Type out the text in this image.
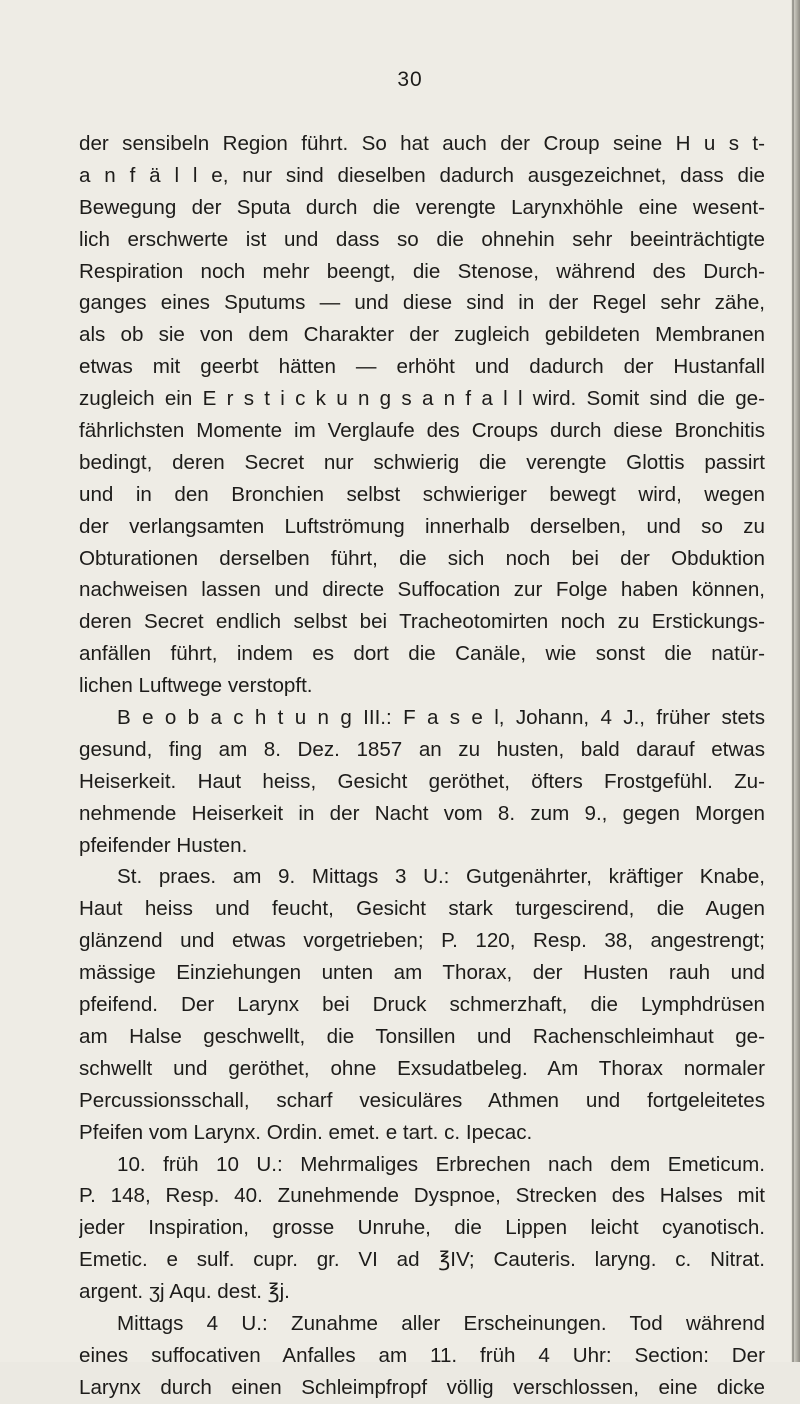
30
der sensibeln Region führt. So hat auch der Croup seine H u s t-
a n f ä l l e, nur sind dieselben dadurch ausgezeichnet, dass die
Bewegung der Sputa durch die verengte Larynxhöhle eine wesent-
lich erschwerte ist und dass so die ohnehin sehr beeinträchtigte
Respiration noch mehr beengt, die Stenose, während des Durch-
ganges eines Sputums — und diese sind in der Regel sehr zähe,
als ob sie von dem Charakter der zugleich gebildeten Membranen
etwas mit geerbt hätten — erhöht und dadurch der Hustanfall
zugleich ein E r s t i c k u n g s a n f a l l wird. Somit sind die ge-
fährlichsten Momente im Verglaufe des Croups durch diese Bronchitis
bedingt, deren Secret nur schwierig die verengte Glottis passirt
und in den Bronchien selbst schwieriger bewegt wird, wegen
der verlangsamten Luftströmung innerhalb derselben, und so zu
Obturationen derselben führt, die sich noch bei der Obduktion
nachweisen lassen und directe Suffocation zur Folge haben können,
deren Secret endlich selbst bei Tracheotomirten noch zu Erstickungs-
anfällen führt, indem es dort die Canäle, wie sonst die natür-
lichen Luftwege verstopft.
B e o b a c h t u n g III.: F a s e l, Johann, 4 J., früher stets
gesund, fing am 8. Dez. 1857 an zu husten, bald darauf etwas
Heiserkeit. Haut heiss, Gesicht geröthet, öfters Frostgefühl. Zu-
nehmende Heiserkeit in der Nacht vom 8. zum 9., gegen Morgen
pfeifender Husten.
St. praes. am 9. Mittags 3 U.: Gutgenährter, kräftiger Knabe,
Haut heiss und feucht, Gesicht stark turgescirend, die Augen
glänzend und etwas vorgetrieben; P. 120, Resp. 38, angestrengt;
mässige Einziehungen unten am Thorax, der Husten rauh und
pfeifend. Der Larynx bei Druck schmerzhaft, die Lymphdrüsen
am Halse geschwellt, die Tonsillen und Rachenschleimhaut ge-
schwellt und geröthet, ohne Exsudatbeleg. Am Thorax normaler
Percussionsschall, scharf vesiculäres Athmen und fortgeleitetes
Pfeifen vom Larynx. Ordin. emet. e tart. c. Ipecac.
10. früh 10 U.: Mehrmaliges Erbrechen nach dem Emeticum.
P. 148, Resp. 40. Zunehmende Dyspnoe, Strecken des Halses mit
jeder Inspiration, grosse Unruhe, die Lippen leicht cyanotisch.
Emetic. e sulf. cupr. gr. VI ad ℥IV; Cauteris. laryng. c. Nitrat.
argent. ʒj Aqu. dest. ℥j.
Mittags 4 U.: Zunahme aller Erscheinungen. Tod während
eines suffocativen Anfalles am 11. früh 4 Uhr: Section: Der
Larynx durch einen Schleimpfropf völlig verschlossen, eine dicke
